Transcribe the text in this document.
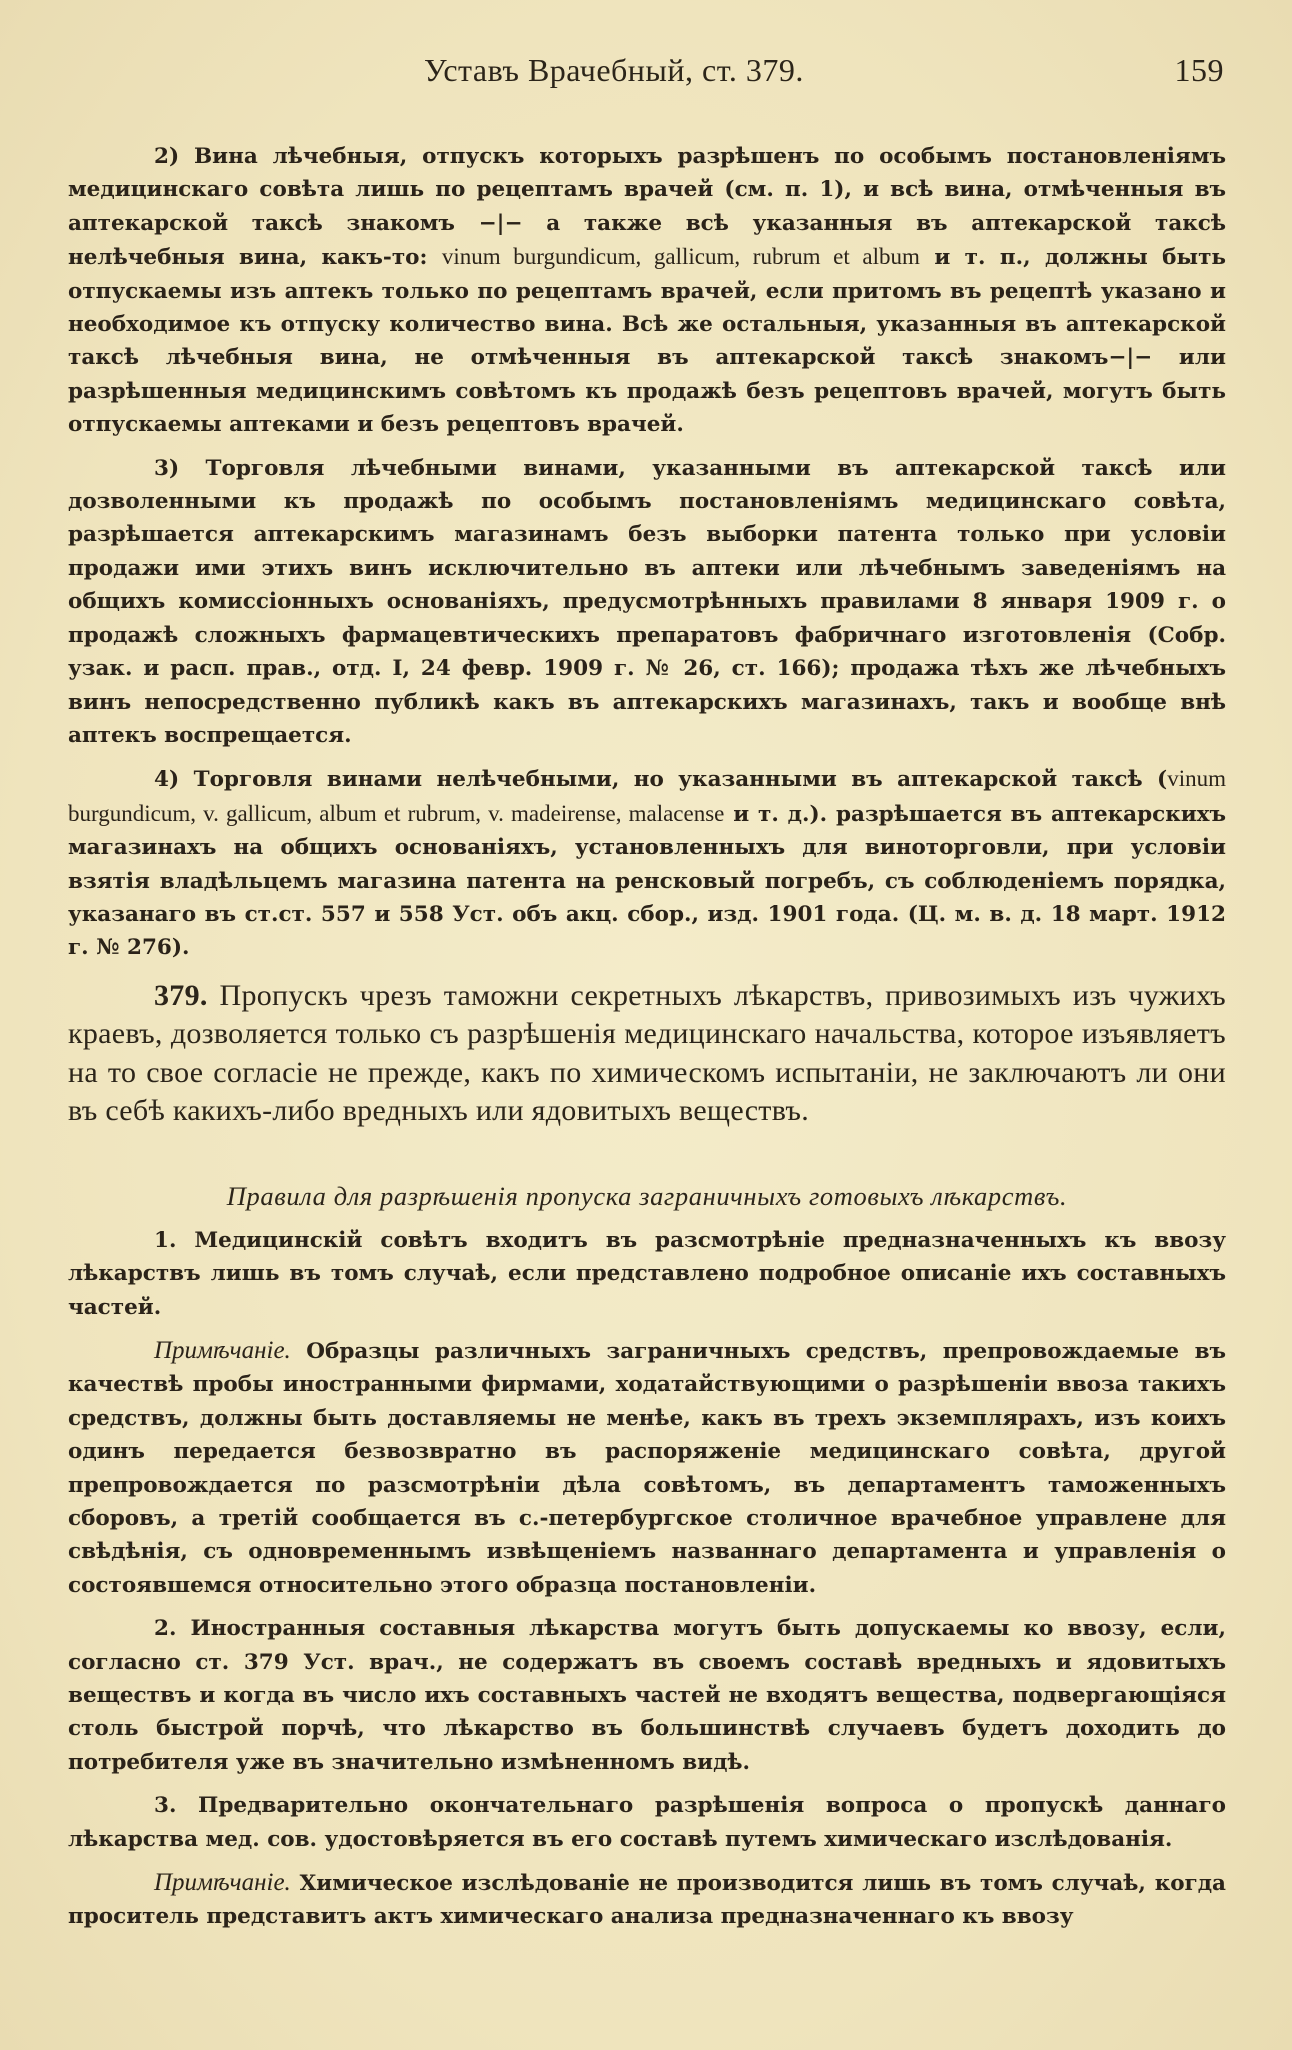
Уставъ Врачебный, ст. 379.	159

2) Вина лѣчебныя, отпускъ которыхъ разрѣшенъ по особымъ постановленіямъ медицинскаго совѣта лишь по рецептамъ врачей (см. п. 1), и всѣ вина, отмѣченныя въ аптекарской таксѣ знакомъ −|− а также всѣ указанныя въ аптекарской таксѣ нелѣчебныя вина, какъ-то: vinum burgundicum, gallicum, rubrum et album и т. п., должны быть отпускаемы изъ аптекъ только по рецептамъ врачей, если притомъ въ рецептѣ указано и необходимое къ отпуску количество вина. Всѣ же остальныя, указанныя въ аптекарской таксѣ лѣчебныя вина, не отмѣченныя въ аптекарской таксѣ знакомъ−|− или разрѣшенныя медицинскимъ совѣтомъ къ продажѣ безъ рецептовъ врачей, могутъ быть отпускаемы аптеками и безъ рецептовъ врачей.

3) Торговля лѣчебными винами, указанными въ аптекарской таксѣ или дозволенными къ продажѣ по особымъ постановленіямъ медицинскаго совѣта, разрѣшается аптекарскимъ магазинамъ безъ выборки патента только при условіи продажи ими этихъ винъ исключительно въ аптеки или лѣчебнымъ заведеніямъ на общихъ комиссіонныхъ основаніяхъ, предусмотрѣнныхъ правилами 8 января 1909 г. о продажѣ сложныхъ фармацевтическихъ препаратовъ фабричнаго изготовленія (Собр. узак. и расп. прав., отд. I, 24 февр. 1909 г. № 26, ст. 166); продажа тѣхъ же лѣчебныхъ винъ непосредственно публикѣ какъ въ аптекарскихъ магазинахъ, такъ и вообще внѣ аптекъ воспрещается.

4) Торговля винами нелѣчебными, но указанными въ аптекарской таксѣ (vinum burgundicum, v. gallicum, album et rubrum, v. madeirense, malacense и т. д.). разрѣшается въ аптекарскихъ магазинахъ на общихъ основаніяхъ, установленныхъ для виноторговли, при условіи взятія владѣльцемъ магазина патента на ренсковый погребъ, съ соблюденіемъ порядка, указанаго въ ст.ст. 557 и 558 Уст. объ акц. сбор., изд. 1901 года. (Ц. м. в. д. 18 март. 1912 г. № 276).

379. Пропускъ чрезъ таможни секретныхъ лѣкарствъ, привозимыхъ изъ чужихъ краевъ, дозволяется только съ разрѣшенія медицинскаго начальства, которое изъявляетъ на то свое согласіе не прежде, какъ по химическомъ испытаніи, не заключаютъ ли они въ себѣ какихъ-либо вредныхъ или ядовитыхъ веществъ.

Правила для разрѣшенія пропуска заграничныхъ готовыхъ лѣкарствъ.

1. Медицинскій совѣтъ входитъ въ разсмотрѣніе предназначенныхъ къ ввозу лѣкарствъ лишь въ томъ случаѣ, если представлено подробное описаніе ихъ составныхъ частей.

Примѣчаніе. Образцы различныхъ заграничныхъ средствъ, препровождаемые въ качествѣ пробы иностранными фирмами, ходатайствующими о разрѣшеніи ввоза такихъ средствъ, должны быть доставляемы не менѣе, какъ въ трехъ экземплярахъ, изъ коихъ одинъ передается безвозвратно въ распоряженіе медицинскаго совѣта, другой препровождается по разсмотрѣніи дѣла совѣтомъ, въ департаментъ таможенныхъ сборовъ, а третій сообщается въ с.-петербургское столичное врачебное управлене для свѣдѣнія, съ одновременнымъ извѣщеніемъ названнаго департамента и управленія о состоявшемся относительно этого образца постановленіи.

2. Иностранныя составныя лѣкарства могутъ быть допускаемы ко ввозу, если, согласно ст. 379 Уст. врач., не содержатъ въ своемъ составѣ вредныхъ и ядовитыхъ веществъ и когда въ число ихъ составныхъ частей не входятъ вещества, подвергающіяся столь быстрой порчѣ, что лѣкарство въ большинствѣ случаевъ будетъ доходить до потребителя уже въ значительно измѣненномъ видѣ.

3. Предварительно окончательнаго разрѣшенія вопроса о пропускѣ даннаго лѣкарства мед. сов. удостовѣряется въ его составѣ путемъ химическаго изслѣдованія.

Примѣчаніе. Химическое изслѣдованіе не производится лишь въ томъ случаѣ, когда проситель представитъ актъ химическаго анализа предназначеннаго къ ввозу
